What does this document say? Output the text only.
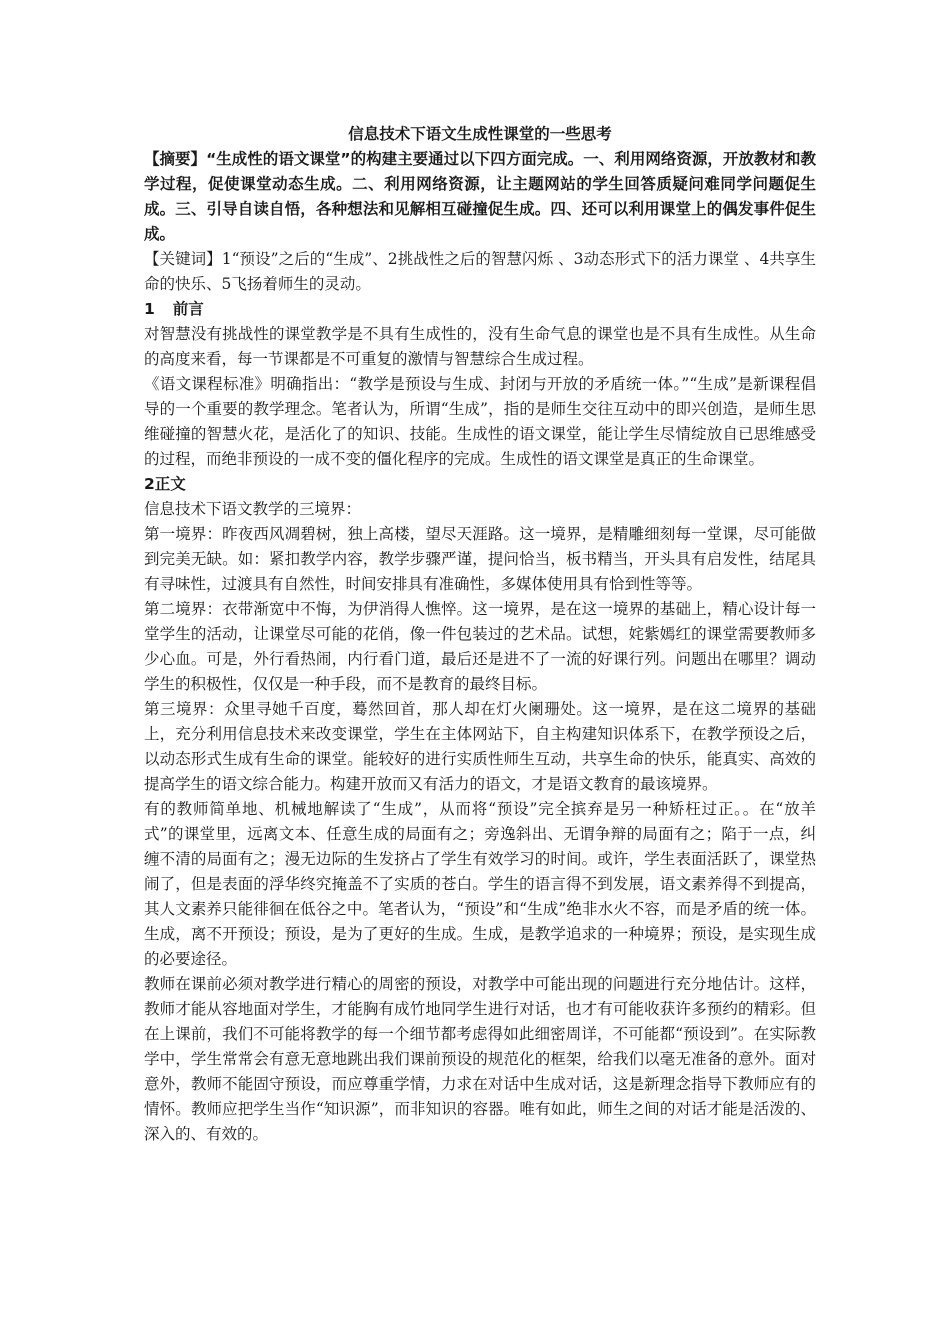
信息技术下语文生成性课堂的一些思考
【摘要】“生成性的语文课堂”的构建主要通过以下四方面完成。一、利用网络资源，开放教材和教学过程，促使课堂动态生成。二、利用网络资源，让主题网站的学生回答质疑问难同学问题促生成。三、引导自读自悟，各种想法和见解相互碰撞促生成。四、还可以利用课堂上的偶发事件促生成。

【关键词】1“预设”之后的“生成”、2挑战性之后的智慧闪烁 、3动态形式下的活力课堂 、4共享生命的快乐、5飞扬着师生的灵动。

1 前言

对智慧没有挑战性的课堂教学是不具有生成性的，没有生命气息的课堂也是不具有生成性。从生命的高度来看，每一节课都是不可重复的激情与智慧综合生成过程。

《语文课程标准》明确指出：“教学是预设与生成、封闭与开放的矛盾统一体。”“生成”是新课程倡导的一个重要的教学理念。笔者认为，所谓“生成”，指的是师生交往互动中的即兴创造，是师生思维碰撞的智慧火花，是活化了的知识、技能。生成性的语文课堂，能让学生尽情绽放自已思维感受的过程，而绝非预设的一成不变的僵化程序的完成。生成性的语文课堂是真正的生命课堂。

2正文

信息技术下语文教学的三境界：

第一境界：昨夜西风凋碧树，独上高楼，望尽天涯路。这一境界，是精雕细刻每一堂课，尽可能做到完美无缺。如：紧扣教学内容，教学步骤严谨，提问恰当，板书精当，开头具有启发性，结尾具有寻味性，过渡具有自然性，时间安排具有准确性，多媒体使用具有恰到性等等。

第二境界：衣带渐宽中不悔，为伊消得人憔悴。这一境界，是在这一境界的基础上，精心设计每一堂学生的活动，让课堂尽可能的花俏，像一件包装过的艺术品。试想，姹紫嫣红的课堂需要教师多少心血。可是，外行看热闹，内行看门道，最后还是进不了一流的好课行列。问题出在哪里？调动学生的积极性，仅仅是一种手段，而不是教育的最终目标。

第三境界：众里寻她千百度，蓦然回首，那人却在灯火阑珊处。这一境界，是在这二境界的基础上，充分利用信息技术来改变课堂，学生在主体网站下，自主构建知识体系下，在教学预设之后，以动态形式生成有生命的课堂。能较好的进行实质性师生互动，共享生命的快乐，能真实、高效的提高学生的语文综合能力。构建开放而又有活力的语文，才是语文教育的最该境界。

有的教师简单地、机械地解读了“生成”，从而将“预设”完全摈弃是另一种矫枉过正。。在“放羊式”的课堂里，远离文本、任意生成的局面有之；旁逸斜出、无谓争辩的局面有之；陷于一点，纠缠不清的局面有之；漫无边际的生发挤占了学生有效学习的时间。或许，学生表面活跃了，课堂热闹了，但是表面的浮华终究掩盖不了实质的苍白。学生的语言得不到发展，语文素养得不到提高，其人文素养只能徘徊在低谷之中。笔者认为，“预设”和“生成”绝非水火不容，而是矛盾的统一体。生成，离不开预设；预设，是为了更好的生成。生成，是教学追求的一种境界；预设，是实现生成的必要途径。

教师在课前必须对教学进行精心的周密的预设，对教学中可能出现的问题进行充分地估计。这样，教师才能从容地面对学生，才能胸有成竹地同学生进行对话，也才有可能收获许多预约的精彩。但在上课前，我们不可能将教学的每一个细节都考虑得如此细密周详，不可能都“预设到”。在实际教学中，学生常常会有意无意地跳出我们课前预设的规范化的框架，给我们以毫无准备的意外。面对意外，教师不能固守预设，而应尊重学情，力求在对话中生成对话，这是新理念指导下教师应有的情怀。教师应把学生当作“知识源”，而非知识的容器。唯有如此，师生之间的对话才能是活泼的、深入的、有效的。
